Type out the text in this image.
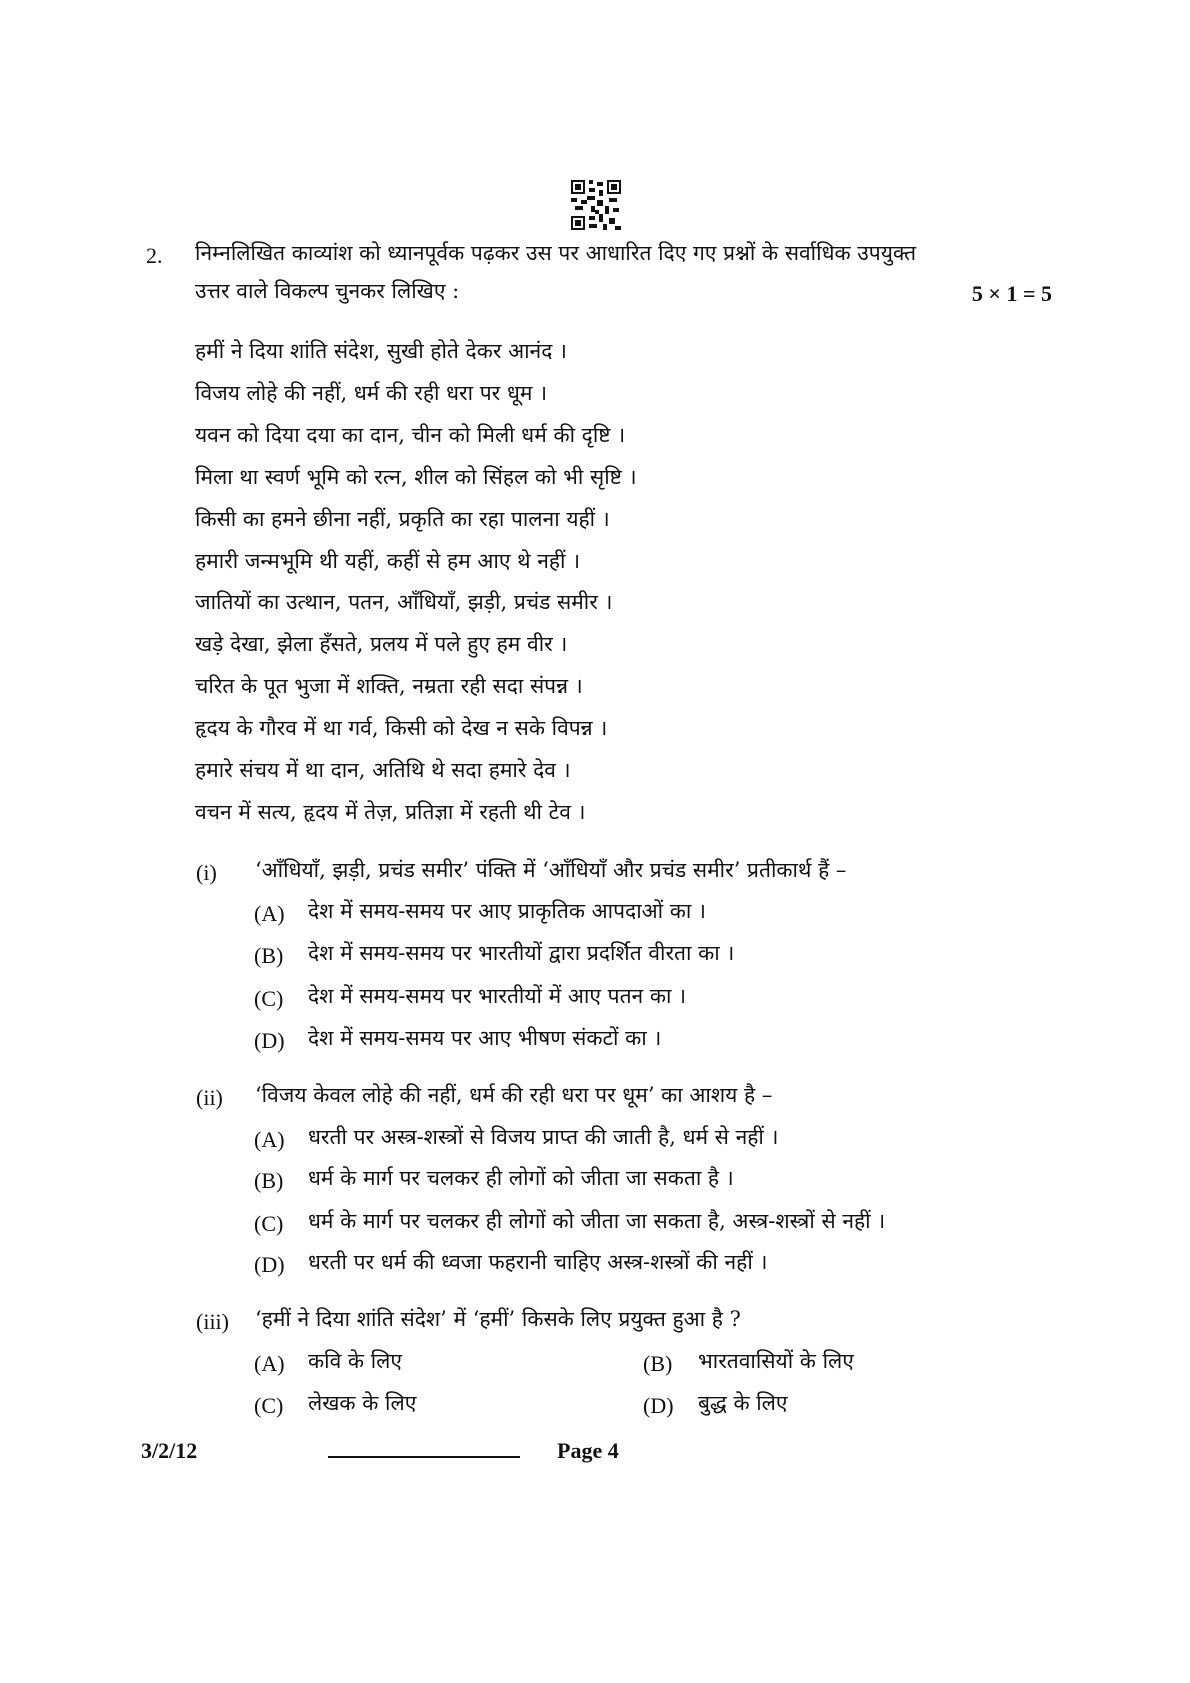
2. निम्नलिखित काव्यांश को ध्यानपूर्वक पढ़कर उस पर आधारित दिए गए प्रश्नों के सर्वाधिक उपयुक्त
उत्तर वाले विकल्प चुनकर लिखिए :	5 × 1 = 5
हमीं ने दिया शांति संदेश, सुखी होते देकर आनंद ।
विजय लोहे की नहीं, धर्म की रही धरा पर धूम ।
यवन को दिया दया का दान, चीन को मिली धर्म की दृष्टि ।
मिला था स्वर्ण भूमि को रत्न, शील को सिंहल को भी सृष्टि ।
किसी का हमने छीना नहीं, प्रकृति का रहा पालना यहीं ।
हमारी जन्मभूमि थी यहीं, कहीं से हम आए थे नहीं ।
जातियों का उत्थान, पतन, आँधियाँ, झड़ी, प्रचंड समीर ।
खड़े देखा, झेला हँसते, प्रलय में पले हुए हम वीर ।
चरित के पूत भुजा में शक्ति, नम्रता रही सदा संपन्न ।
हृदय के गौरव में था गर्व, किसी को देख न सके विपन्न ।
हमारे संचय में था दान, अतिथि थे सदा हमारे देव ।
वचन में सत्य, हृदय में तेज़, प्रतिज्ञा में रहती थी टेव ।
(i) ‘आँधियाँ, झड़ी, प्रचंड समीर’ पंक्ति में ‘आँधियाँ और प्रचंड समीर’ प्रतीकार्थ हैं –
(A) देश में समय-समय पर आए प्राकृतिक आपदाओं का ।
(B) देश में समय-समय पर भारतीयों द्वारा प्रदर्शित वीरता का ।
(C) देश में समय-समय पर भारतीयों में आए पतन का ।
(D) देश में समय-समय पर आए भीषण संकटों का ।
(ii) ‘विजय केवल लोहे की नहीं, धर्म की रही धरा पर धूम’ का आशय है –
(A) धरती पर अस्त्र-शस्त्रों से विजय प्राप्त की जाती है, धर्म से नहीं ।
(B) धर्म के मार्ग पर चलकर ही लोगों को जीता जा सकता है ।
(C) धर्म के मार्ग पर चलकर ही लोगों को जीता जा सकता है, अस्त्र-शस्त्रों से नहीं ।
(D) धरती पर धर्म की ध्वजा फहरानी चाहिए अस्त्र-शस्त्रों की नहीं ।
(iii) ‘हमीं ने दिया शांति संदेश’ में ‘हमीं’ किसके लिए प्रयुक्त हुआ है ?
(A) कवि के लिए	(B) भारतवासियों के लिए
(C) लेखक के लिए	(D) बुद्ध के लिए
3/2/12	Page 4
